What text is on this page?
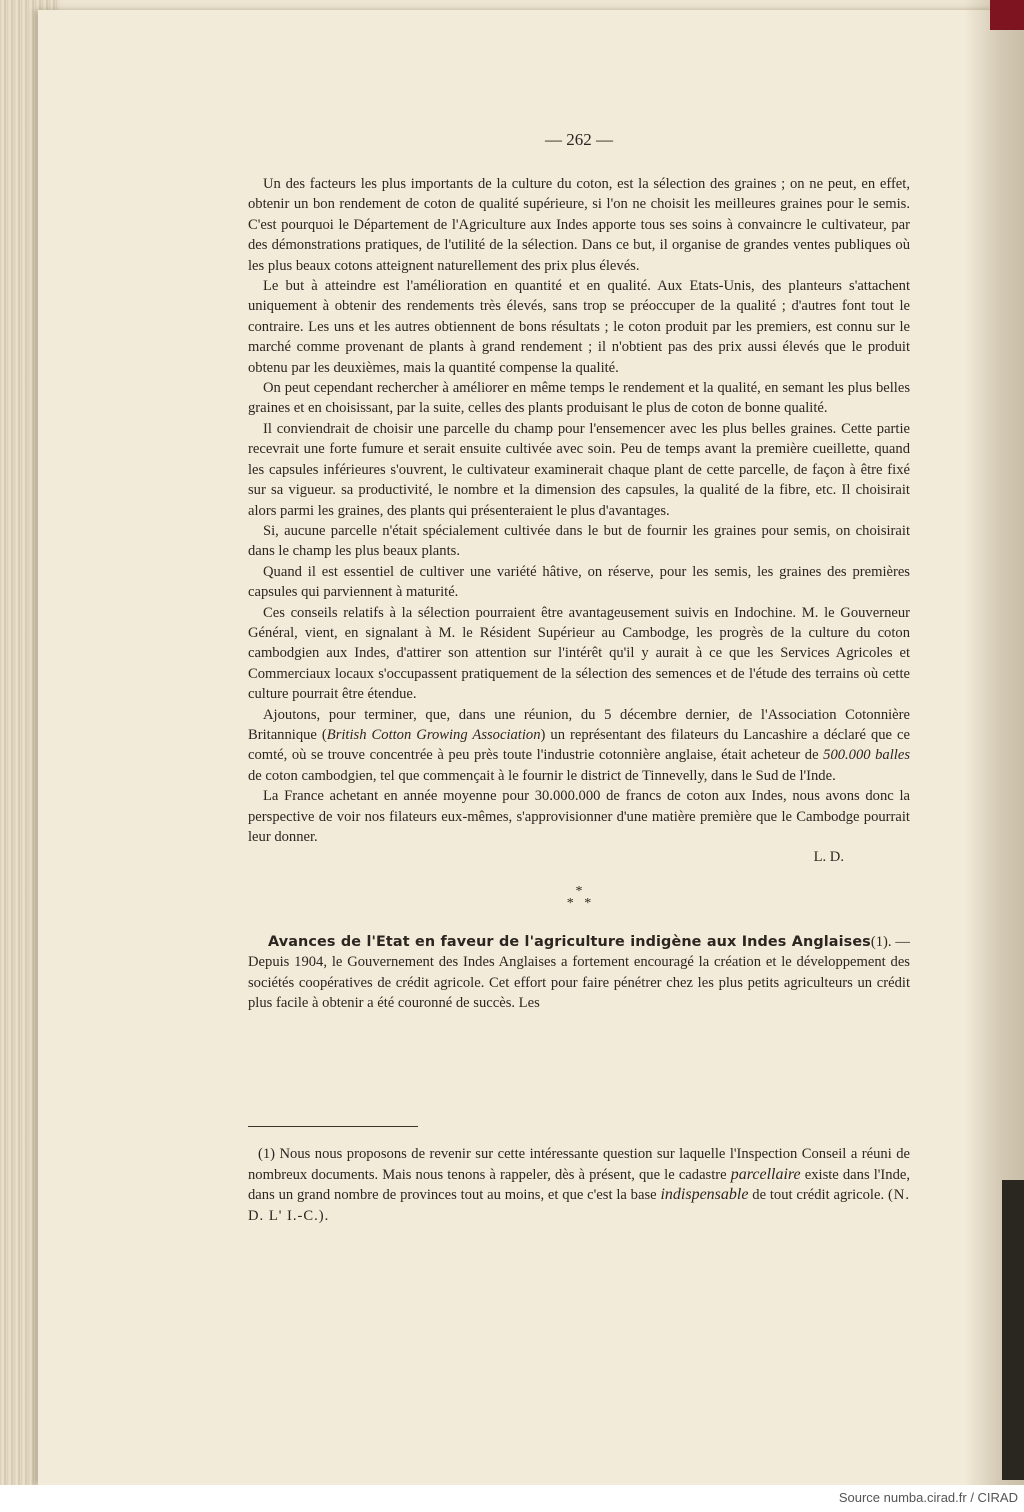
— 262 —

Un des facteurs les plus importants de la culture du coton, est la sélection des graines ; on ne peut, en effet, obtenir un bon rendement de coton de qualité supérieure, si l'on ne choisit les meilleures graines pour le semis. C'est pourquoi le Département de l'Agriculture aux Indes apporte tous ses soins à convaincre le cultivateur, par des démonstrations pratiques, de l'utilité de la sélection. Dans ce but, il organise de grandes ventes publiques où les plus beaux cotons atteignent naturellement des prix plus élevés.

Le but à atteindre est l'amélioration en quantité et en qualité. Aux Etats-Unis, des planteurs s'attachent uniquement à obtenir des rendements très élevés, sans trop se préoccuper de la qualité ; d'autres font tout le contraire. Les uns et les autres obtiennent de bons résultats ; le coton produit par les premiers, est connu sur le marché comme provenant de plants à grand rendement ; il n'obtient pas des prix aussi élevés que le produit obtenu par les deuxièmes, mais la quantité compense la qualité.

On peut cependant rechercher à améliorer en même temps le rendement et la qualité, en semant les plus belles graines et en choisissant, par la suite, celles des plants produisant le plus de coton de bonne qualité.

Il conviendrait de choisir une parcelle du champ pour l'ensemencer avec les plus belles graines. Cette partie recevrait une forte fumure et serait ensuite cultivée avec soin. Peu de temps avant la première cueillette, quand les capsules inférieures s'ouvrent, le cultivateur examinerait chaque plant de cette parcelle, de façon à être fixé sur sa vigueur. sa productivité, le nombre et la dimension des capsules, la qualité de la fibre, etc. Il choisirait alors parmi les graines, des plants qui présenteraient le plus d'avantages.

Si, aucune parcelle n'était spécialement cultivée dans le but de fournir les graines pour semis, on choisirait dans le champ les plus beaux plants.

Quand il est essentiel de cultiver une variété hâtive, on réserve, pour les semis, les graines des premières capsules qui parviennent à maturité.

Ces conseils relatifs à la sélection pourraient être avantageusement suivis en Indochine. M. le Gouverneur Général, vient, en signalant à M. le Résident Supérieur au Cambodge, les progrès de la culture du coton cambodgien aux Indes, d'attirer son attention sur l'intérêt qu'il y aurait à ce que les Services Agricoles et Commerciaux locaux s'occupassent pratiquement de la sélection des semences et de l'étude des terrains où cette culture pourrait être étendue.

Ajoutons, pour terminer, que, dans une réunion, du 5 décembre dernier, de l'Association Cotonnière Britannique (British Cotton Growing Association) un représentant des filateurs du Lancashire a déclaré que ce comté, où se trouve concentrée à peu près toute l'industrie cotonnière anglaise, était acheteur de 500.000 balles de coton cambodgien, tel que commençait à le fournir le district de Tinnevelly, dans le Sud de l'Inde.

La France achetant en année moyenne pour 30.000.000 de francs de coton aux Indes, nous avons donc la perspective de voir nos filateurs eux-mêmes, s'approvisionner d'une matière première que le Cambodge pourrait leur donner.

L. D.

*
*   *

Avances de l'Etat en faveur de l'agriculture indigène aux Indes Anglaises(1). — Depuis 1904, le Gouvernement des Indes Anglaises a fortement encouragé la création et le développement des sociétés coopératives de crédit agricole. Cet effort pour faire pénétrer chez les plus petits agriculteurs un crédit plus facile à obtenir a été couronné de succès. Les

(1) Nous nous proposons de revenir sur cette intéressante question sur laquelle l'Inspection Conseil a réuni de nombreux documents. Mais nous tenons à rappeler, dès à présent, que le cadastre parcellaire existe dans l'Inde, dans un grand nombre de provinces tout au moins, et que c'est la base indispensable de tout crédit agricole. (N. D. L' I.-C.).

Source numba.cirad.fr / CIRAD
